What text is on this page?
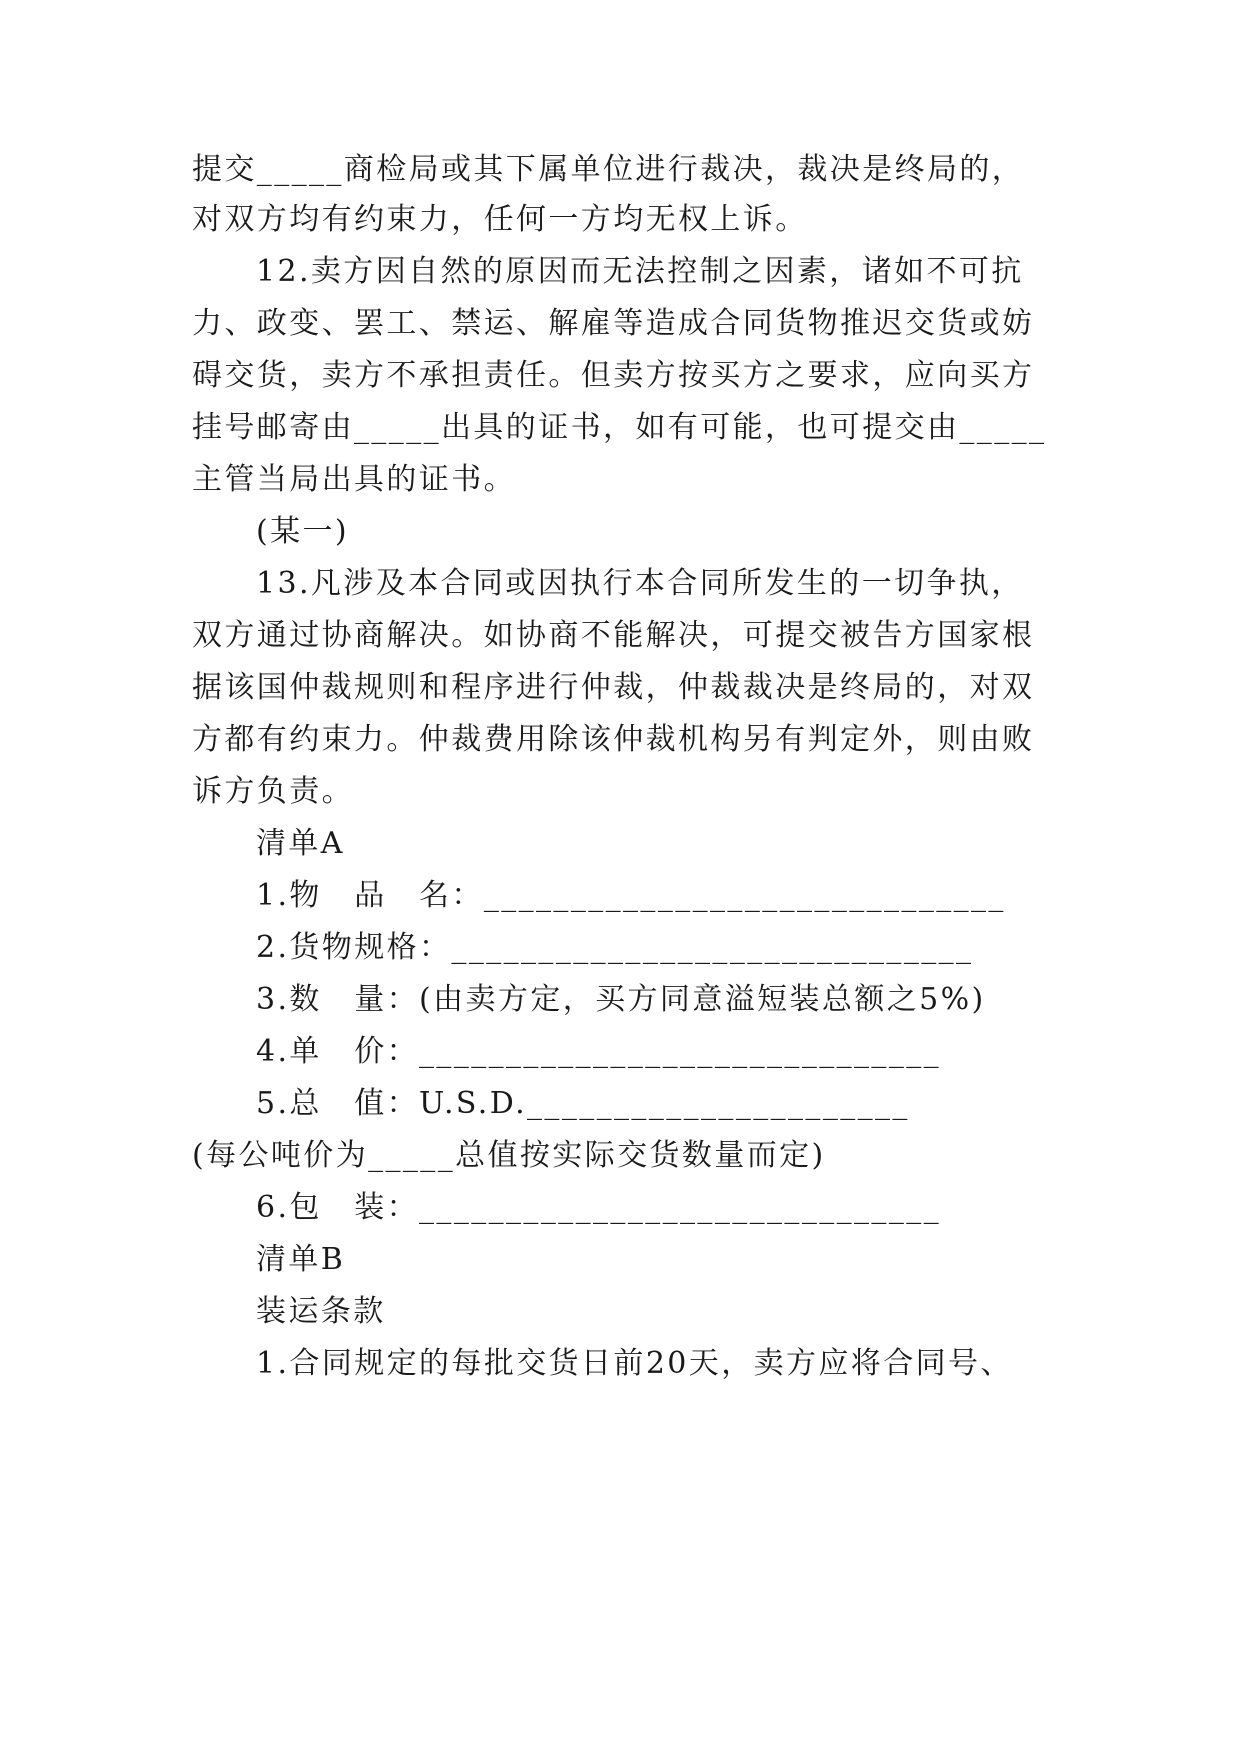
提交_____商检局或其下属单位进行裁决，裁决是终局的，
对双方均有约束力，任何一方均无权上诉。
12.卖方因自然的原因而无法控制之因素，诸如不可抗
力、政变、罢工、禁运、解雇等造成合同货物推迟交货或妨
碍交货，卖方不承担责任。但卖方按买方之要求，应向买方
挂号邮寄由_____出具的证书，如有可能，也可提交由_____
主管当局出具的证书。
(某一)
13.凡涉及本合同或因执行本合同所发生的一切争执，
双方通过协商解决。如协商不能解决，可提交被告方国家根
据该国仲裁规则和程序进行仲裁，仲裁裁决是终局的，对双
方都有约束力。仲裁费用除该仲裁机构另有判定外，则由败
诉方负责。
清单A
1.物　品　名：______________________________
2.货物规格：______________________________
3.数　量：(由卖方定，买方同意溢短装总额之5%)
4.单　价：______________________________
5.总　值：U.S.D.______________________
(每公吨价为_____总值按实际交货数量而定)
6.包　装：______________________________
清单B
装运条款
1.合同规定的每批交货日前20天，卖方应将合同号、
